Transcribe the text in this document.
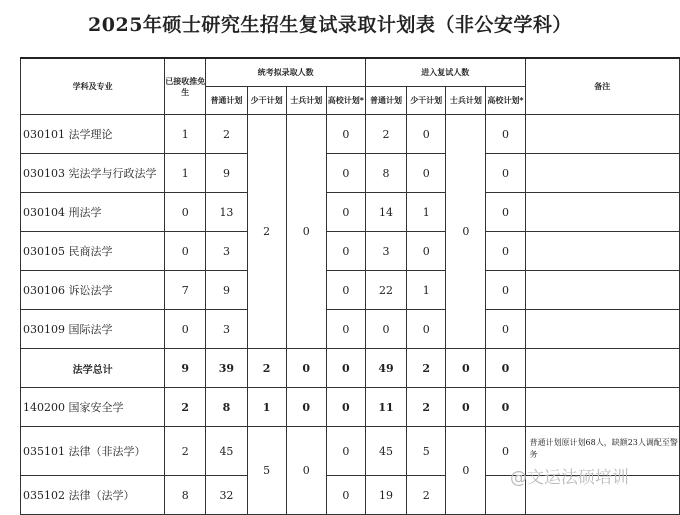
2025年硕士研究生招生复试录取计划表（非公安学科）
学科及专业	已接收推免生	统考拟录取人数				进入复试人数				备注
		普通计划	少干计划	士兵计划	高校计划*	普通计划	少干计划	士兵计划	高校计划*	
030101 法学理论	1	2	2	0	0	2	0	0	0	
030103 宪法学与行政法学	1	9			0	8	0		0	
030104 刑法学	0	13			0	14	1		0	
030105 民商法学	0	3			0	3	0		0	
030106 诉讼法学	7	9			0	22	1		0	
030109 国际法学	0	3			0	0	0		0	
法学总计	9	39	2	0	0	49	2	0	0	
140200 国家安全学	2	8	1	0	0	11	2	0	0	
035101 法律（非法学）	2	45	5	0	0	45	5	0	0	普通计划原计划68人，缺额23人调配至警务
035102 法律（法学）	8	32			0	19	2			
@文运法硕培训
